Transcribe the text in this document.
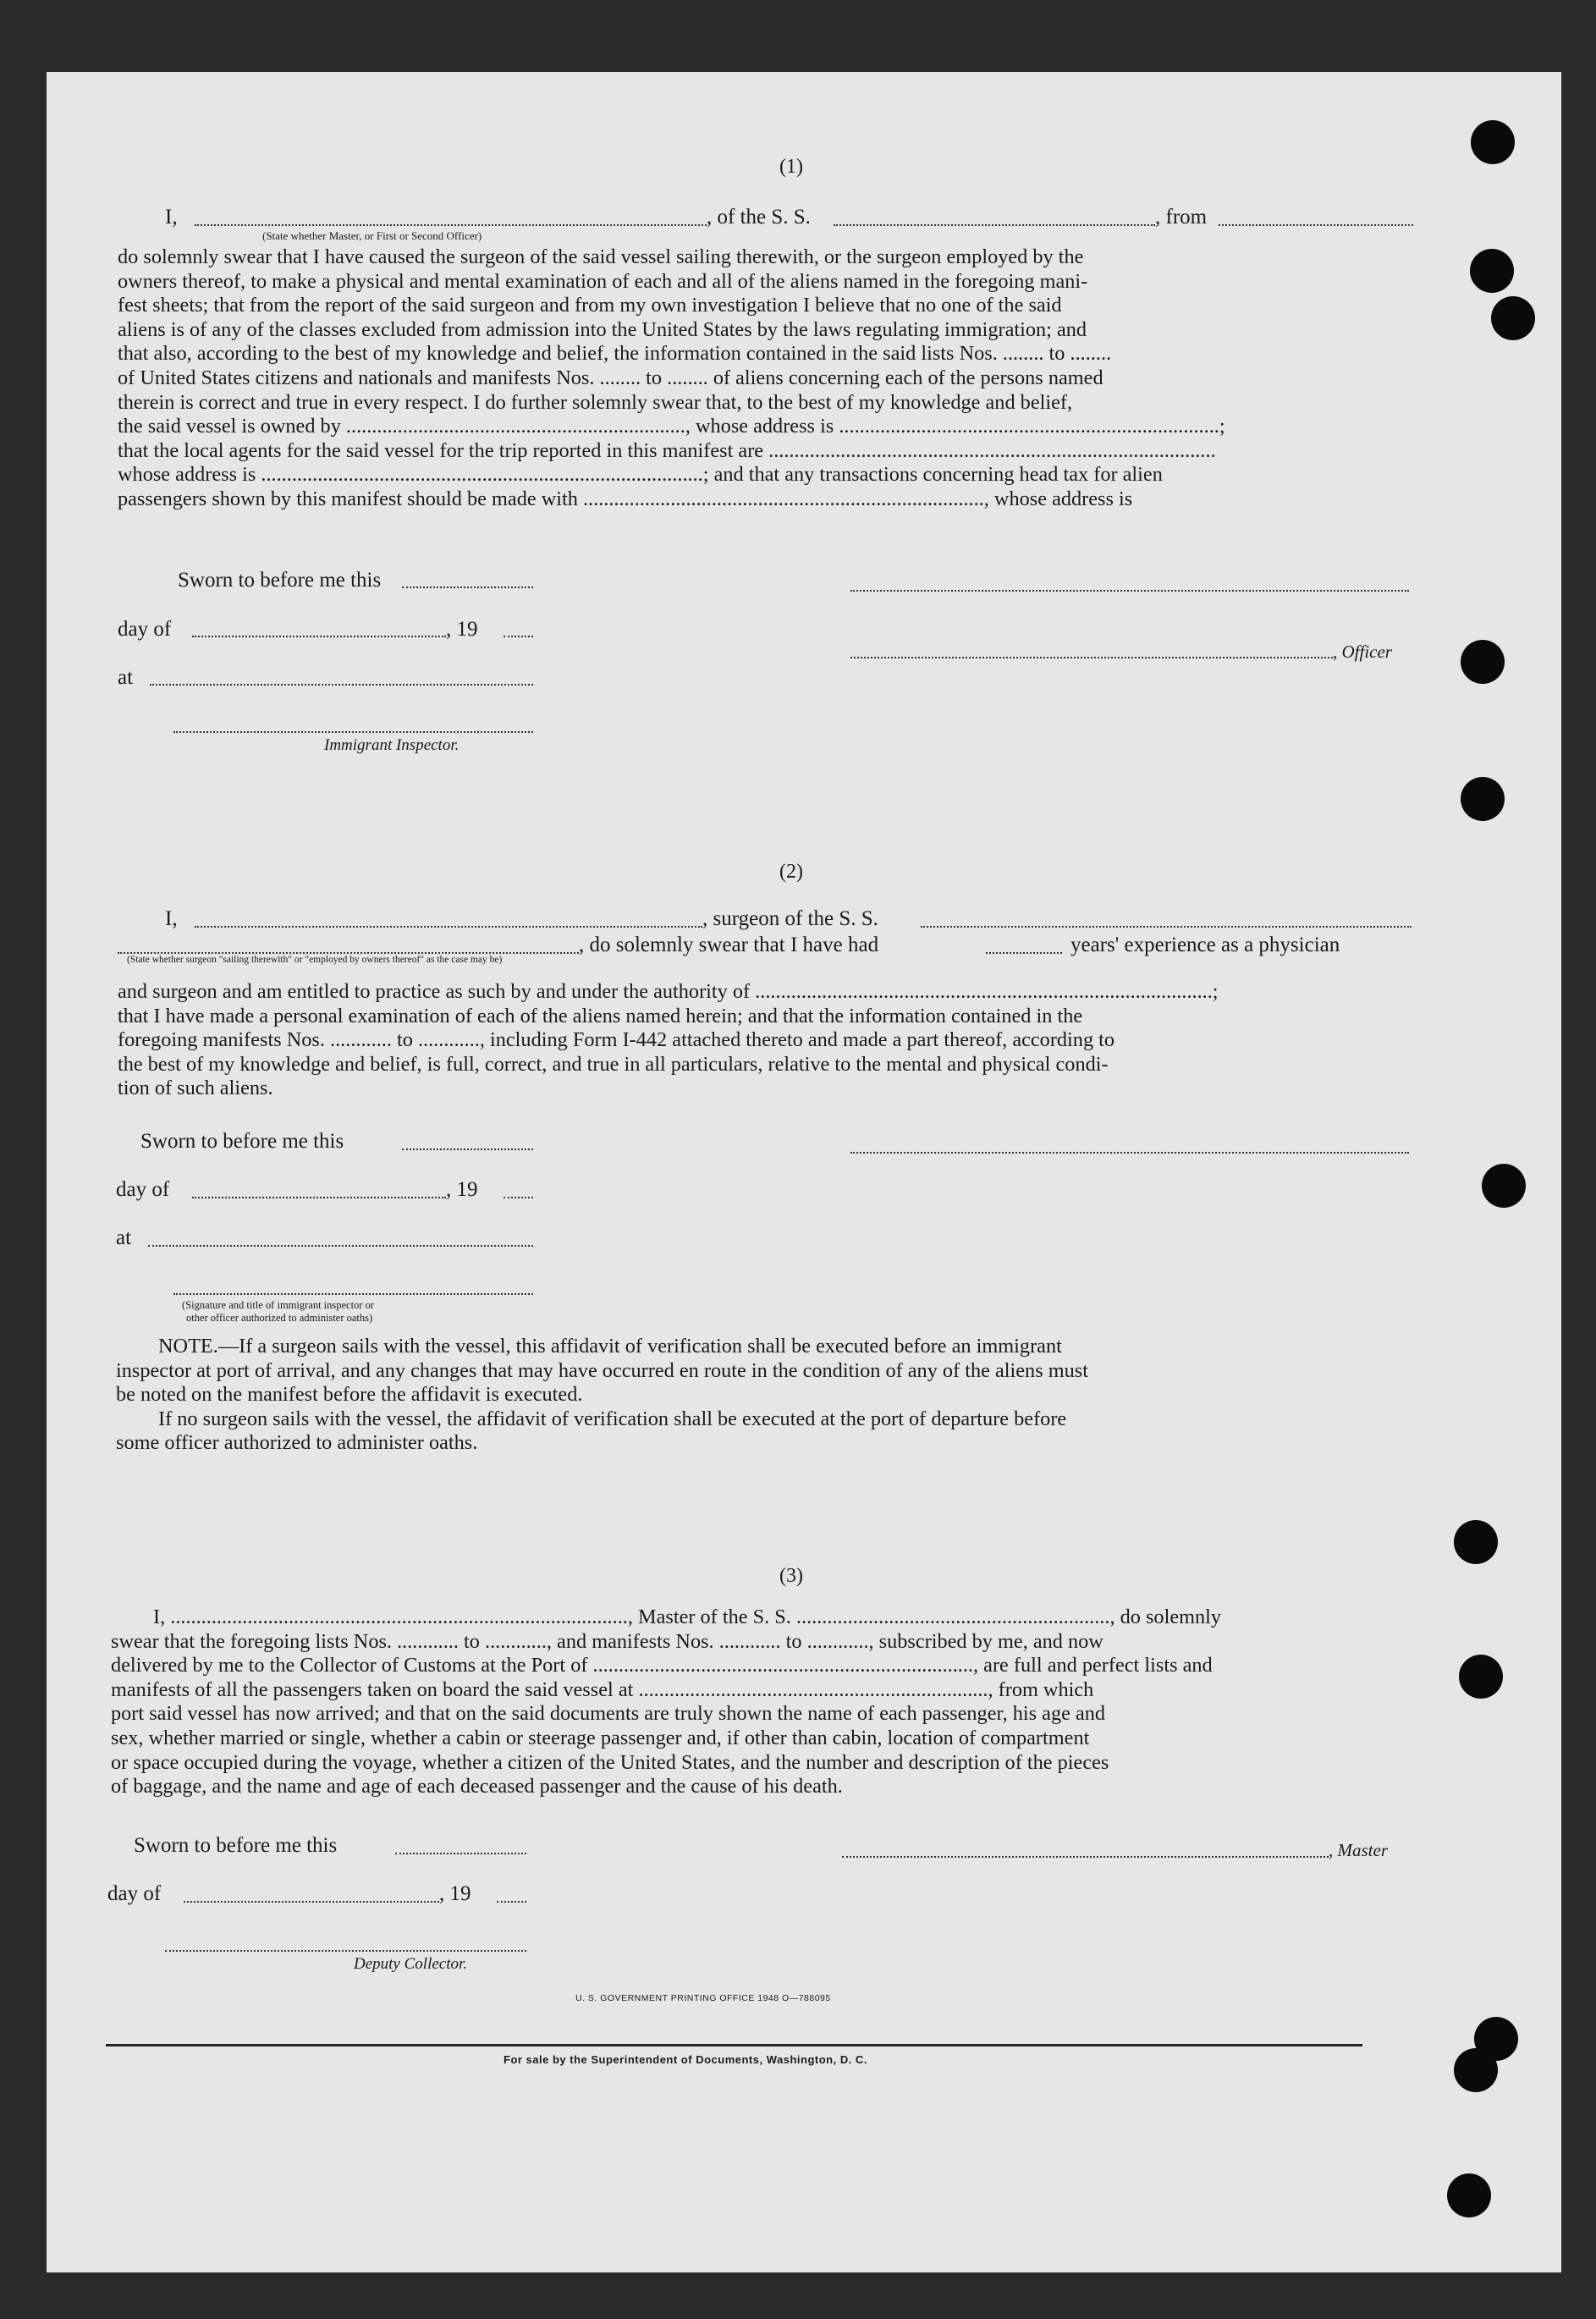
(1)
I,	, of the S. S.	, from
(State whether Master, or First or Second Officer)

do solemnly swear that I have caused the surgeon of the said vessel sailing therewith, or the surgeon employed by the

owners thereof, to make a physical and mental examination of each and all of the aliens named in the foregoing mani-

fest sheets; that from the report of the said surgeon and from my own investigation I believe that no one of the said

aliens is of any of the classes excluded from admission into the United States by the laws regulating immigration; and

that also, according to the best of my knowledge and belief, the information contained in the said lists Nos. ........ to ........

of United States citizens and nationals and manifests Nos. ........ to ........ of aliens concerning each of the persons named

therein is correct and true in every respect. I do further solemnly swear that, to the best of my knowledge and belief,

the said vessel is owned by .................................................................., whose address is ..........................................................................;

that the local agents for the said vessel for the trip reported in this manifest are .......................................................................................

whose address is ......................................................................................; and that any transactions concerning head tax for alien

passengers shown by this manifest should be made with .............................................................................., whose address is

Sworn to before me this
day of	, 19
, Officer
at
Immigrant Inspector.
(2)
I,	, surgeon of the S. S.
, do solemnly swear that I have had	years' experience as a physician
(State whether surgeon "sailing therewith" or "employed by owners thereof" as the case may be)

and surgeon and am entitled to practice as such by and under the authority of .........................................................................................;

that I have made a personal examination of each of the aliens named herein; and that the information contained in the

foregoing manifests Nos. ............ to ............, including Form I-442 attached thereto and made a part thereof, according to

the best of my knowledge and belief, is full, correct, and true in all particulars, relative to the mental and physical condi-

tion of such aliens.

Sworn to before me this
day of	, 19
at
(Signature and title of immigrant inspector or
other officer authorized to administer oaths)

NOTE.—If a surgeon sails with the vessel, this affidavit of verification shall be executed before an immigrant

inspector at port of arrival, and any changes that may have occurred en route in the condition of any of the aliens must

be noted on the manifest before the affidavit is executed.

If no surgeon sails with the vessel, the affidavit of verification shall be executed at the port of departure before

some officer authorized to administer oaths.

(3)

I, ........................................................................................., Master of the S. S. ............................................................., do solemnly

swear that the foregoing lists Nos. ............ to ............, and manifests Nos. ............ to ............, subscribed by me, and now

delivered by me to the Collector of Customs at the Port of .........................................................................., are full and perfect lists and

manifests of all the passengers taken on board the said vessel at ...................................................................., from which

port said vessel has now arrived; and that on the said documents are truly shown the name of each passenger, his age and

sex, whether married or single, whether a cabin or steerage passenger and, if other than cabin, location of compartment

or space occupied during the voyage, whether a citizen of the United States, and the number and description of the pieces

of baggage, and the name and age of each deceased passenger and the cause of his death.

Sworn to before me this	, Master
day of	, 19
Deputy Collector.
U. S. GOVERNMENT PRINTING OFFICE 1948 O—788095
For sale by the Superintendent of Documents, Washington, D. C.
